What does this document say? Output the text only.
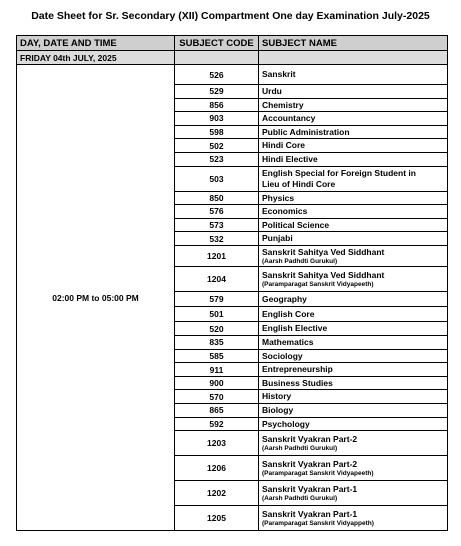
Date Sheet for Sr. Secondary (XII) Compartment One day Examination July-2025
DAY, DATE AND TIME	SUBJECT CODE	SUBJECT NAME
FRIDAY 04th JULY, 2025		
02:00 PM to 05:00 PM	526	Sanskrit

	529	Urdu

	856	Chemistry

	903	Accountancy

	598	Public Administration

	502	Hindi Core

	523	Hindi Elective

	503	English Special for Foreign Student in
Lieu of Hindi Core

	850	Physics

	576	Economics

	573	Political Science

	532	Punjabi

	1201	Sanskrit Sahitya Ved Siddhant
(Aarsh Padhdti Gurukul)

	1204	Sanskrit Sahitya Ved Siddhant
(Paramparagat Sanskrit Vidyapeeth)

	579	Geography

	501	English Core

	520	English Elective

	835	Mathematics

	585	Sociology

	911	Entrepreneurship

	900	Business Studies

	570	History

	865	Biology

	592	Psychology

	1203	Sanskrit Vyakran Part-2
(Aarsh Padhdti Gurukul)

	1206	Sanskrit Vyakran Part-2
(Paramparagat Sanskrit Vidyapeeth)

	1202	Sanskrit Vyakran Part-1
(Aarsh Padhdti Gurukul)

	1205	Sanskrit Vyakran Part-1
(Paramparagat Sanskrit Vidyappeth)
